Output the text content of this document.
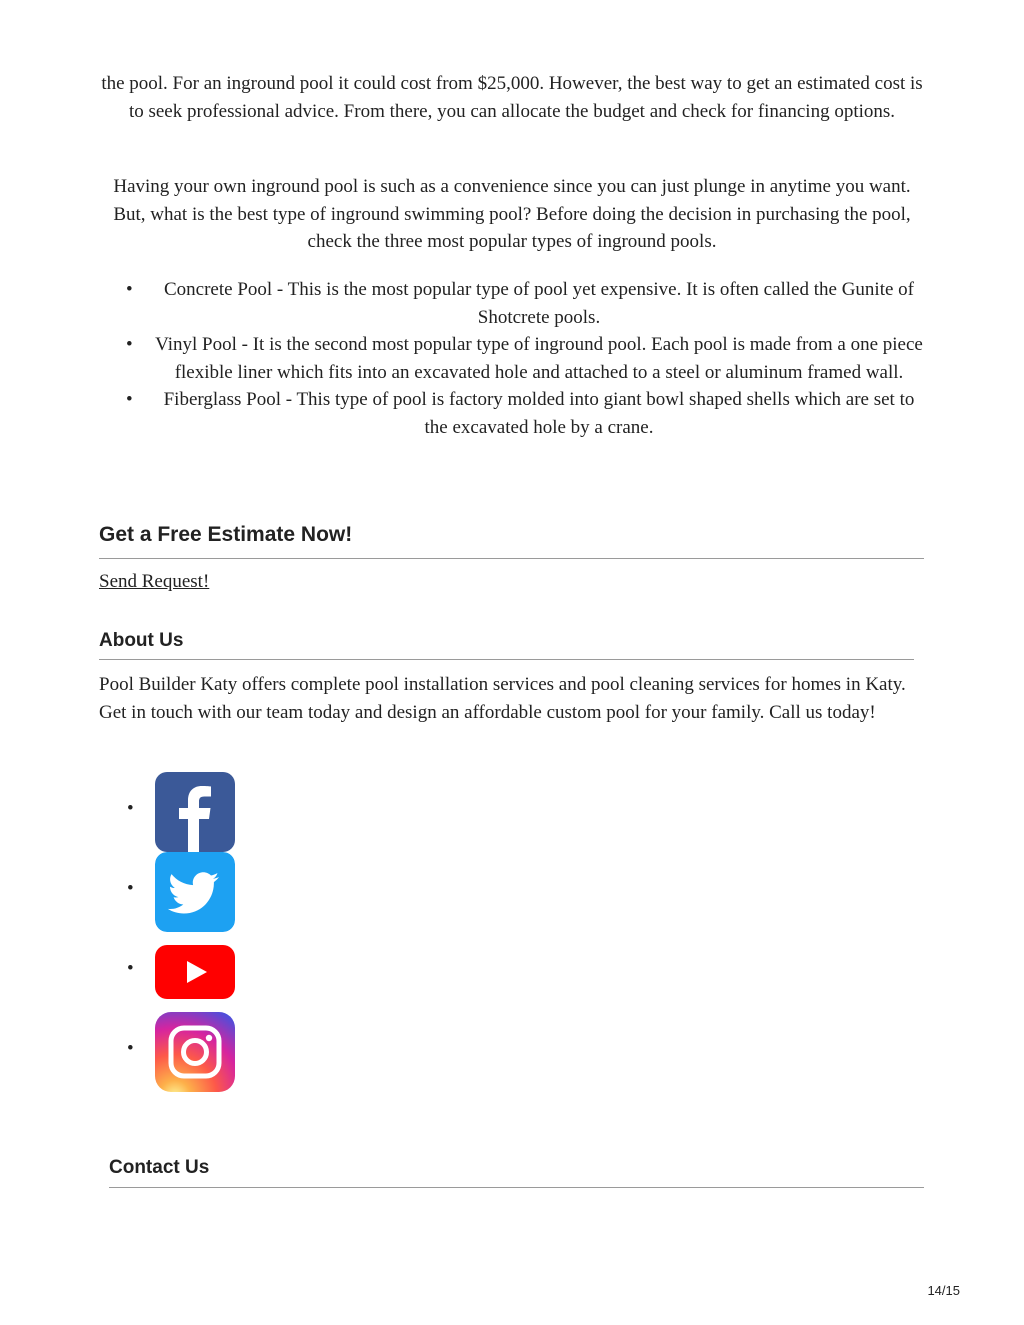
the pool. For an inground pool it could cost from $25,000. However, the best way to get an estimated cost is to seek professional advice. From there, you can allocate the budget and check for financing options.

Having your own inground pool is such as a convenience since you can just plunge in anytime you want. But, what is the best type of inground swimming pool? Before doing the decision in purchasing the pool, check the three most popular types of inground pools.

• Concrete Pool - This is the most popular type of pool yet expensive. It is often called the Gunite of Shotcrete pools.
• Vinyl Pool - It is the second most popular type of inground pool. Each pool is made from a one piece flexible liner which fits into an excavated hole and attached to a steel or aluminum framed wall.
• Fiberglass Pool - This type of pool is factory molded into giant bowl shaped shells which are set to the excavated hole by a crane.
Get a Free Estimate Now!
Send Request!
About Us

Pool Builder Katy offers complete pool installation services and pool cleaning services for homes in Katy. Get in touch with our team today and design an affordable custom pool for your family. Call us today!

•
•
•
•
Contact Us
14/15
